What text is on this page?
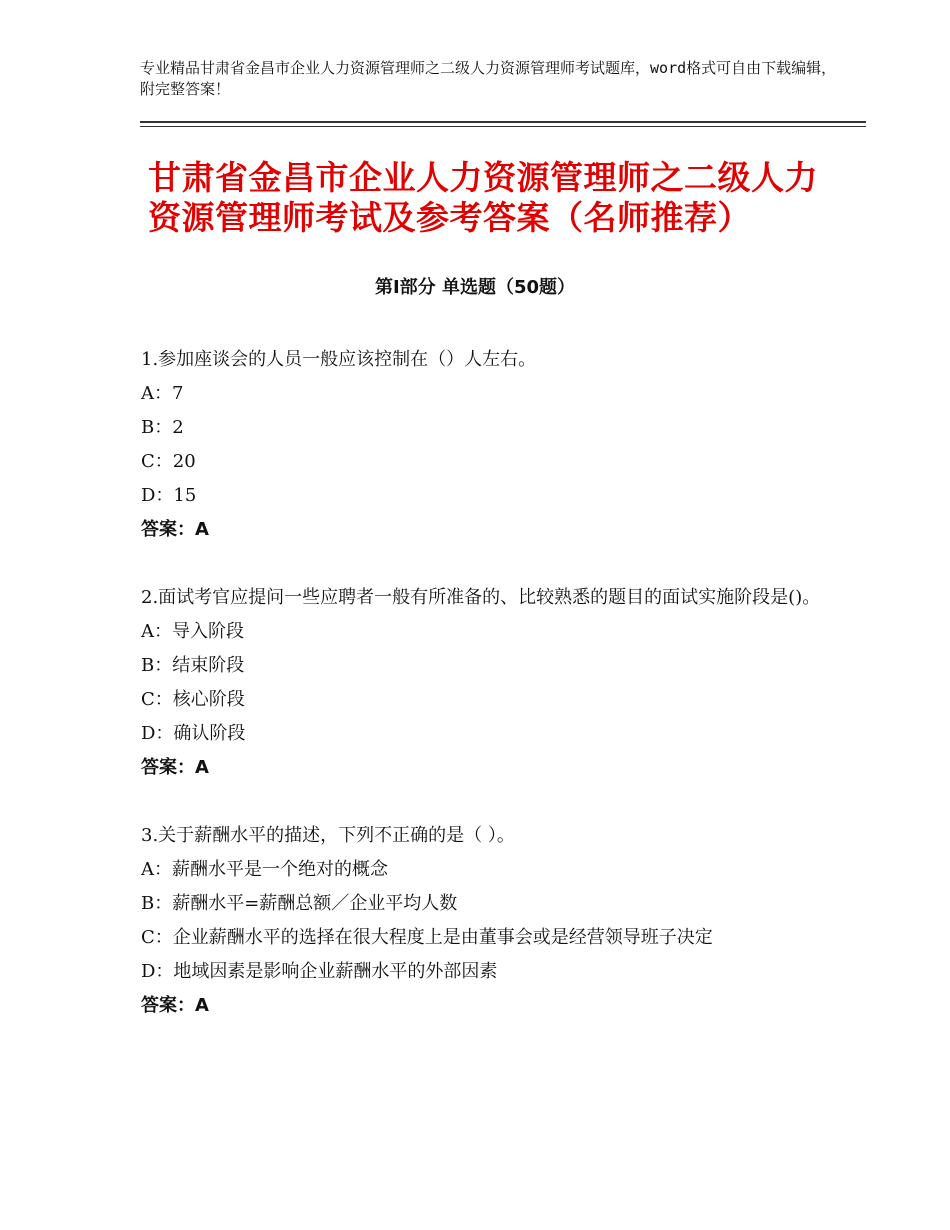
专业精品甘肃省金昌市企业人力资源管理师之二级人力资源管理师考试题库，word格式可自由下载编辑，附完整答案！
甘肃省金昌市企业人力资源管理师之二级人力资源管理师考试及参考答案（名师推荐）
第Ⅰ部分 单选题（50题）

1.参加座谈会的人员一般应该控制在（）人左右。

A：7

B：2

C：20

D：15

答案：A

2.面试考官应提问一些应聘者一般有所准备的、比较熟悉的题目的面试实施阶段是()。

A：导入阶段

B：结束阶段

C：核心阶段

D：确认阶段

答案：A

3.关于薪酬水平的描述，下列不正确的是（ ）。

A：薪酬水平是一个绝对的概念

B：薪酬水平=薪酬总额／企业平均人数

C：企业薪酬水平的选择在很大程度上是由董事会或是经营领导班子决定

D：地域因素是影响企业薪酬水平的外部因素

答案：A
